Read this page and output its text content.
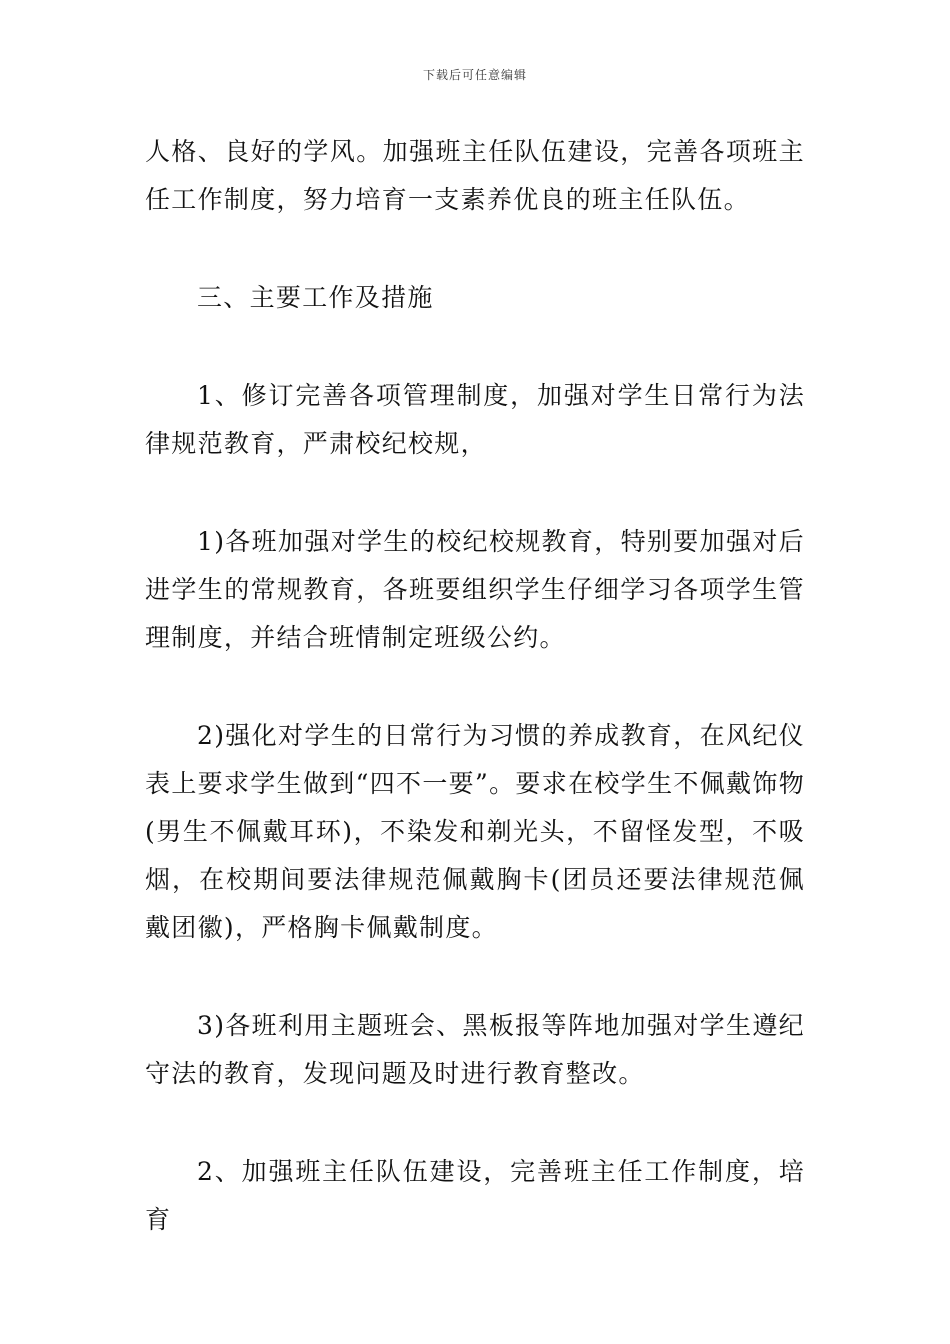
下载后可任意编辑

人格、良好的学风。加强班主任队伍建设，完善各项班主任工作制度，努力培育一支素养优良的班主任队伍。

三、主要工作及措施

1、修订完善各项管理制度，加强对学生日常行为法律规范教育，严肃校纪校规，

1)各班加强对学生的校纪校规教育，特别要加强对后进学生的常规教育，各班要组织学生仔细学习各项学生管理制度，并结合班情制定班级公约。

2)强化对学生的日常行为习惯的养成教育，在风纪仪表上要求学生做到“四不一要”。要求在校学生不佩戴饰物(男生不佩戴耳环)，不染发和剃光头，不留怪发型，不吸烟，在校期间要法律规范佩戴胸卡(团员还要法律规范佩戴团徽)，严格胸卡佩戴制度。

3)各班利用主题班会、黑板报等阵地加强对学生遵纪守法的教育，发现问题及时进行教育整改。

2、加强班主任队伍建设，完善班主任工作制度，培育
